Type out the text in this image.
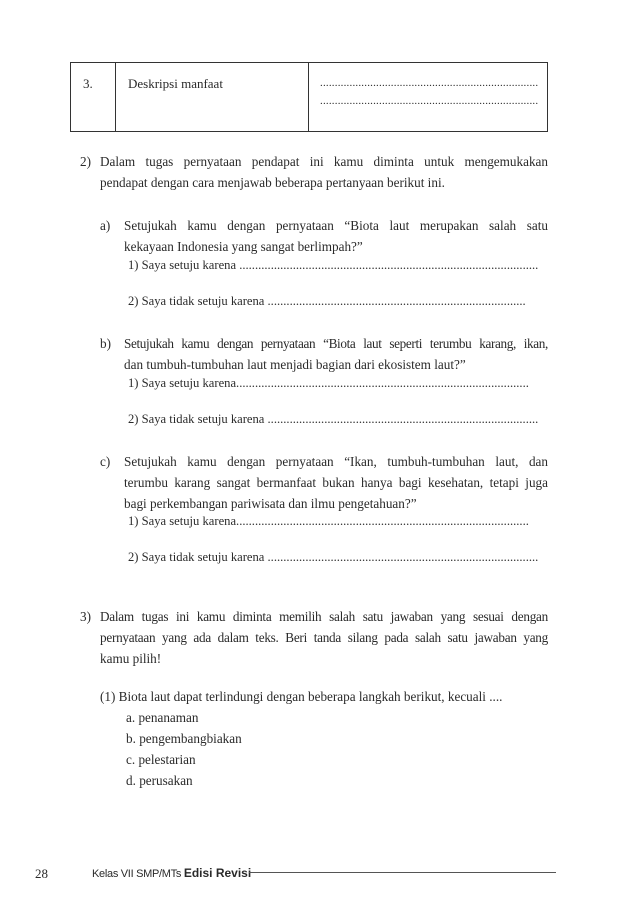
3.	Deskripsi manfaat	..........................................................................
..........................................................................
2) Dalam tugas pernyataan pendapat ini kamu diminta untuk mengemukakan
pendapat dengan cara menjawab beberapa pertanyaan berikut ini.
a) Setujukah kamu dengan pernyataan “Biota laut merupakan salah satu
kekayaan Indonesia yang sangat berlimpah?”
1) Saya setuju karena ...............................................................................................
2) Saya tidak setuju karena ..................................................................................
b) Setujukah kamu dengan pernyataan “Biota laut seperti terumbu karang, ikan,
dan tumbuh-tumbuhan laut menjadi bagian dari ekosistem laut?”
1) Saya setuju karena.............................................................................................
2) Saya tidak setuju karena ......................................................................................
c) Setujukah kamu dengan pernyataan “Ikan, tumbuh-tumbuhan laut, dan
terumbu karang sangat bermanfaat bukan hanya bagi kesehatan, tetapi juga
bagi perkembangan pariwisata dan ilmu pengetahuan?”
1) Saya setuju karena.............................................................................................
2) Saya tidak setuju karena ......................................................................................
3) Dalam tugas ini kamu diminta memilih salah satu jawaban yang sesuai dengan
pernyataan yang ada dalam teks. Beri tanda silang pada salah satu jawaban yang
kamu pilih!
(1) Biota laut dapat terlindungi dengan beberapa langkah berikut, kecuali ....
a. penanaman
b. pengembangbiakan
c. pelestarian
d. perusakan
28	Kelas VII SMP/MTs Edisi Revisi
